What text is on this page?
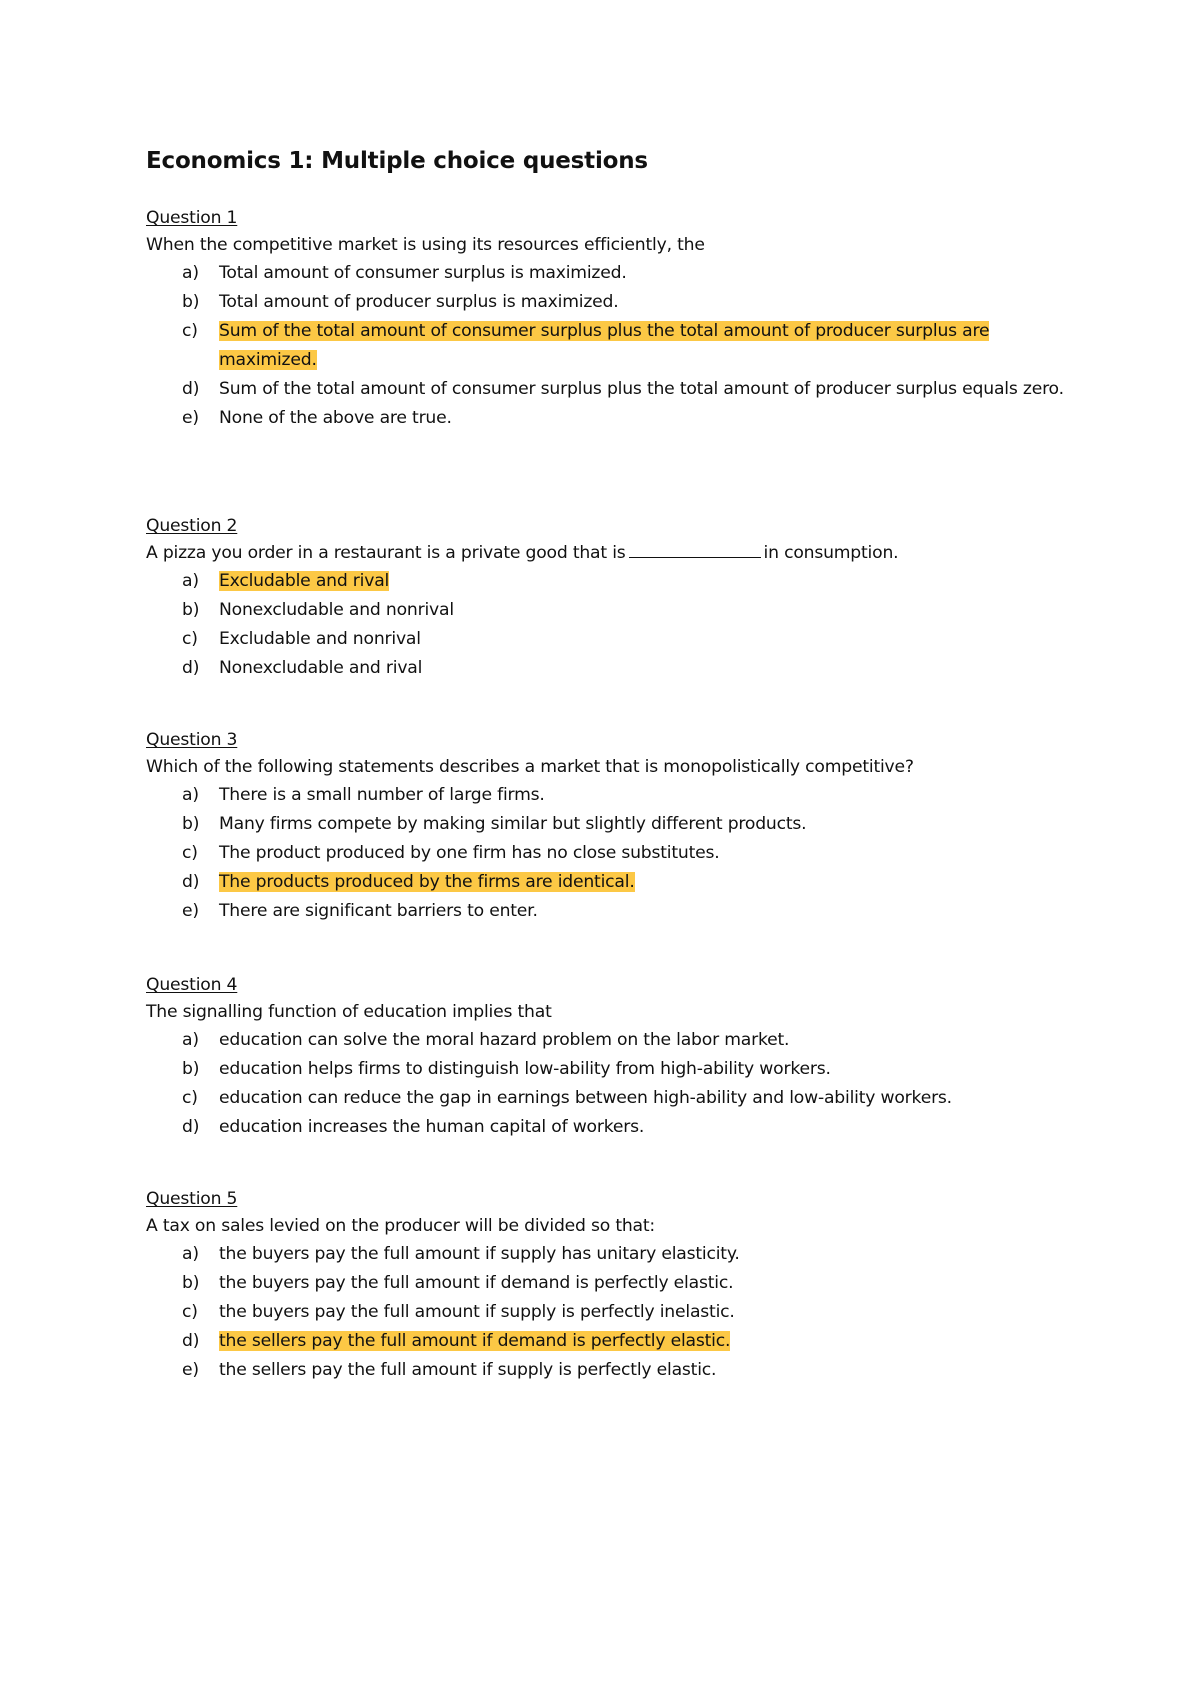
Economics 1: Multiple choice questions
Question 1
When the competitive market is using its resources efficiently, the
a)	Total amount of consumer surplus is maximized.
b)	Total amount of producer surplus is maximized.
c)	Sum of the total amount of consumer surplus plus the total amount of producer surplus are maximized.
d)	Sum of the total amount of consumer surplus plus the total amount of producer surplus equals zero.
e)	None of the above are true.
Question 2
A pizza you order in a restaurant is a private good that is	in consumption.
a)	Excludable and rival
b)	Nonexcludable and nonrival
c)	Excludable and nonrival
d)	Nonexcludable and rival
Question 3
Which of the following statements describes a market that is monopolistically competitive?
a)	There is a small number of large firms.
b)	Many firms compete by making similar but slightly different products.
c)	The product produced by one firm has no close substitutes.
d)	The products produced by the firms are identical.
e)	There are significant barriers to enter.
Question 4
The signalling function of education implies that
a)	education can solve the moral hazard problem on the labor market.
b)	education helps firms to distinguish low-ability from high-ability workers.
c)	education can reduce the gap in earnings between high-ability and low-ability workers.
d)	education increases the human capital of workers.
Question 5
A tax on sales levied on the producer will be divided so that:
a)	the buyers pay the full amount if supply has unitary elasticity.
b)	the buyers pay the full amount if demand is perfectly elastic.
c)	the buyers pay the full amount if supply is perfectly inelastic.
d)	the sellers pay the full amount if demand is perfectly elastic.
e)	the sellers pay the full amount if supply is perfectly elastic.
